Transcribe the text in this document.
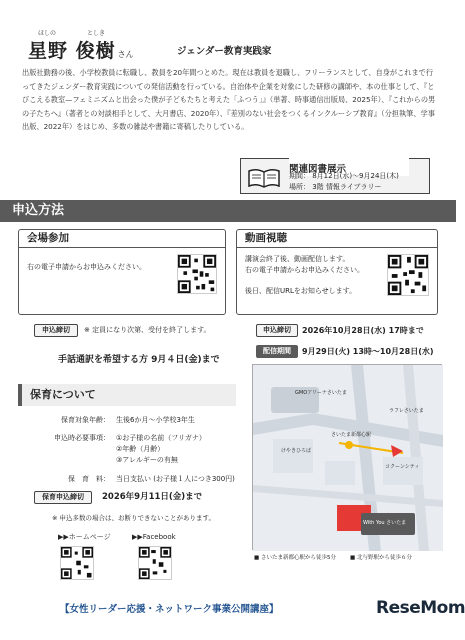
ほしの	としき
星野 俊樹 さん	ジェンダー教育実践家
出版社勤務の後、小学校教員に転職し、教員を20年間つとめた。現在は教員を退職し、フリーランスとして、自身がこれまで行ってきたジェンダー教育実践についての発信活動を行っている。自治体や企業を対象にした研修の講師や、本の仕事として、『とびこえる教室—フェミニズムと出会った僕が子どもたちと考えた「ふつう」』（単著、時事通信出版局、2025年）、『これからの男の子たちへ』（著者との対談相手として、大月書店、2020年）、『差別のない社会をつくるインクルーシブ教育』（分担執筆、学事出版、2022年）をはじめ、多数の雑誌や書籍に寄稿したりしている。
関連図書展示
期間： 8月12日(水)～9月24日(木)
場所： 3階 情報ライブラリー
申込方法
会場参加
右の電子申請からお申込みください。
動画視聴
講演会終了後、動画配信します。
右の電子申請からお申込みください。
後日、配信URLをお知らせします。
申込締切	※ 定員になり次第、受付を終了します。
手話通訳を希望する方 9月４日(金)まで
申込締切	2026年10月28日(水) 17時まで
配信期間	9月29日(火) 13時～10月28日(水)
保育について
保育対象年齢： 生後6か月～小学校3年生
申込時必要事項： ①お子様の名前（フリガナ）
②年齢（月齢）
③アレルギーの有無
保　育　料： 当日支払い (お子様１人につき300円)
保育申込締切	2026年9月11日(金)まで
※ 申込多数の場合は、お断りできないことがあります。
▶▶ホームページ	▶▶Facebook
GMOアリーナさいたま
けやきひろば
さいたま新都心駅
コクーンシティ
ラフレさいたま
With You さいたま
■ さいたま新都心駅から徒歩5分	■ 北与野駅から徒歩６分
【女性リーダー応援・ネットワーク事業公開講座】	ReseMom
